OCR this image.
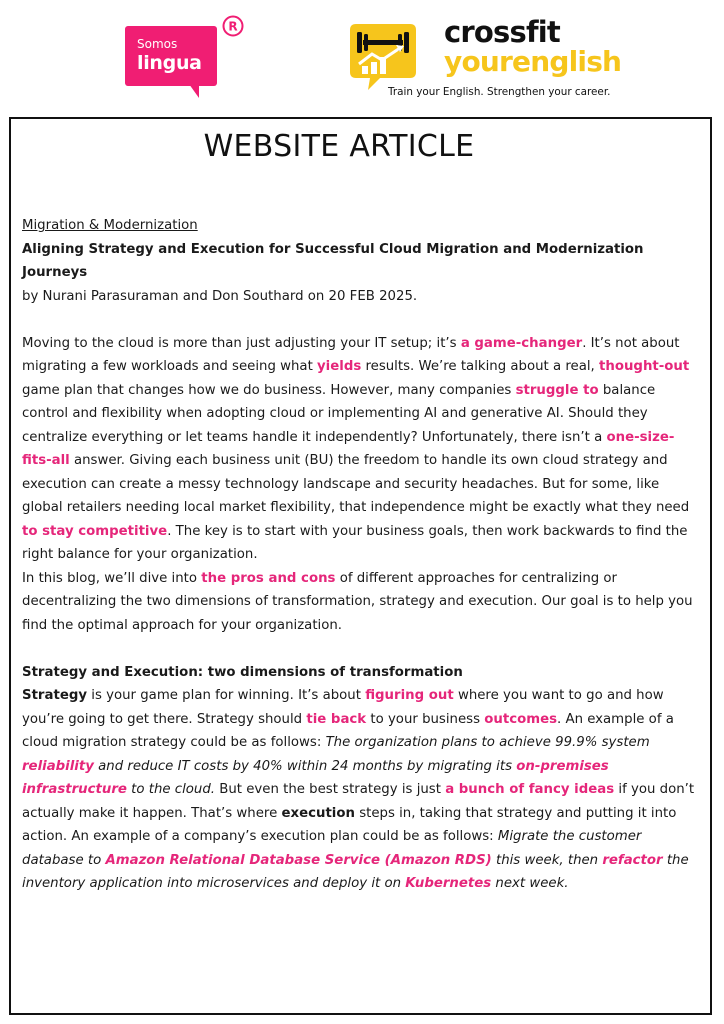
Somos
lingua
R	crossfit
yourenglish
Train your English. Strengthen your career.
WEBSITE ARTICLE

Migration & Modernization

Aligning Strategy and Execution for Successful Cloud Migration and Modernization Journeys

by Nurani Parasuraman and Don Southard on 20 FEB 2025.

Moving to the cloud is more than just adjusting your IT setup; it’s a game-changer. It’s not about migrating a few workloads and seeing what yields results. We’re talking about a real, thought-out game plan that changes how we do business. However, many companies struggle to balance control and flexibility when adopting cloud or implementing AI and generative AI. Should they centralize everything or let teams handle it independently? Unfortunately, there isn’t a one-size-fits-all answer. Giving each business unit (BU) the freedom to handle its own cloud strategy and execution can create a messy technology landscape and security headaches. But for some, like global retailers needing local market flexibility, that independence might be exactly what they need to stay competitive. The key is to start with your business goals, then work backwards to find the right balance for your organization.

In this blog, we’ll dive into the pros and cons of different approaches for centralizing or decentralizing the two dimensions of transformation, strategy and execution. Our goal is to help you find the optimal approach for your organization.

Strategy and Execution: two dimensions of transformation

Strategy is your game plan for winning. It’s about figuring out where you want to go and how you’re going to get there. Strategy should tie back to your business outcomes. An example of a cloud migration strategy could be as follows: The organization plans to achieve 99.9% system reliability and reduce IT costs by 40% within 24 months by migrating its on-premises infrastructure to the cloud. But even the best strategy is just a bunch of fancy ideas if you don’t actually make it happen. That’s where execution steps in, taking that strategy and putting it into action. An example of a company’s execution plan could be as follows: Migrate the customer database to Amazon Relational Database Service (Amazon RDS) this week, then refactor the inventory application into microservices and deploy it on Kubernetes next week.
